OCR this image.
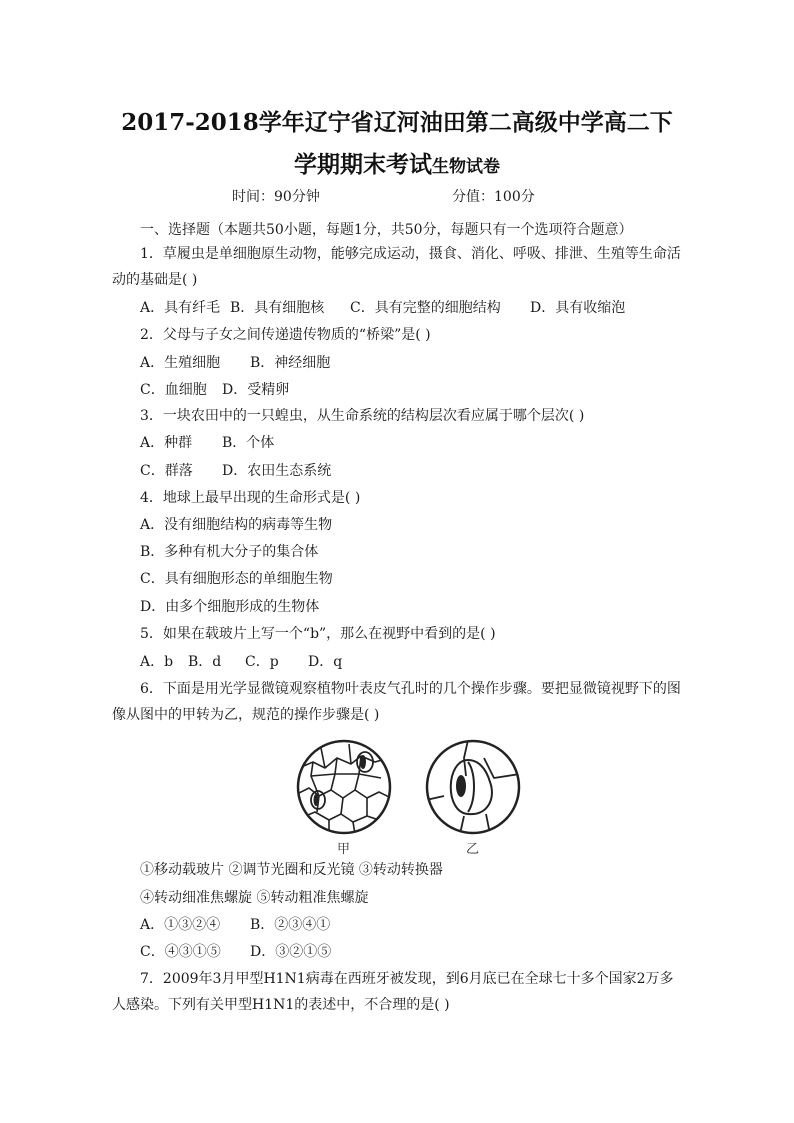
2017-2018学年辽宁省辽河油田第二高级中学高二下
学期期末考试生物试卷
时间：90分钟	分值：100分
一、选择题（本题共50小题，每题1分，共50分，每题只有一个选项符合题意）
1．草履虫是单细胞原生动物，能够完成运动，摄食、消化、呼吸、排泄、生殖等生命活
动的基础是( )
A．具有纤毛 B．具有细胞核 C．具有完整的细胞结构 D．具有收缩泡
2．父母与子女之间传递遗传物质的“桥梁”是( )
A．生殖细胞 B．神经细胞
C．血细胞 D．受精卵
3．一块农田中的一只蝗虫，从生命系统的结构层次看应属于哪个层次( )
A．种群 B．个体
C．群落 D．农田生态系统
4．地球上最早出现的生命形式是( )
A．没有细胞结构的病毒等生物
B．多种有机大分子的集合体
C．具有细胞形态的单细胞生物
D．由多个细胞形成的生物体
5．如果在载玻片上写一个“b”，那么在视野中看到的是( )
A．b B．d C．p D．q
6．下面是用光学显微镜观察植物叶表皮气孔时的几个操作步骤。要把显微镜视野下的图
像从图中的甲转为乙，规范的操作步骤是( )
甲	乙
①移动载玻片 ②调节光圈和反光镜 ③转动转换器
④转动细准焦螺旋 ⑤转动粗准焦螺旋
A．①③②④ B．②③④①
C．④③①⑤ D．③②①⑤
7．2009年3月甲型H1N1病毒在西班牙被发现，到6月底已在全球七十多个国家2万多
人感染。下列有关甲型H1N1的表述中，不合理的是( )
